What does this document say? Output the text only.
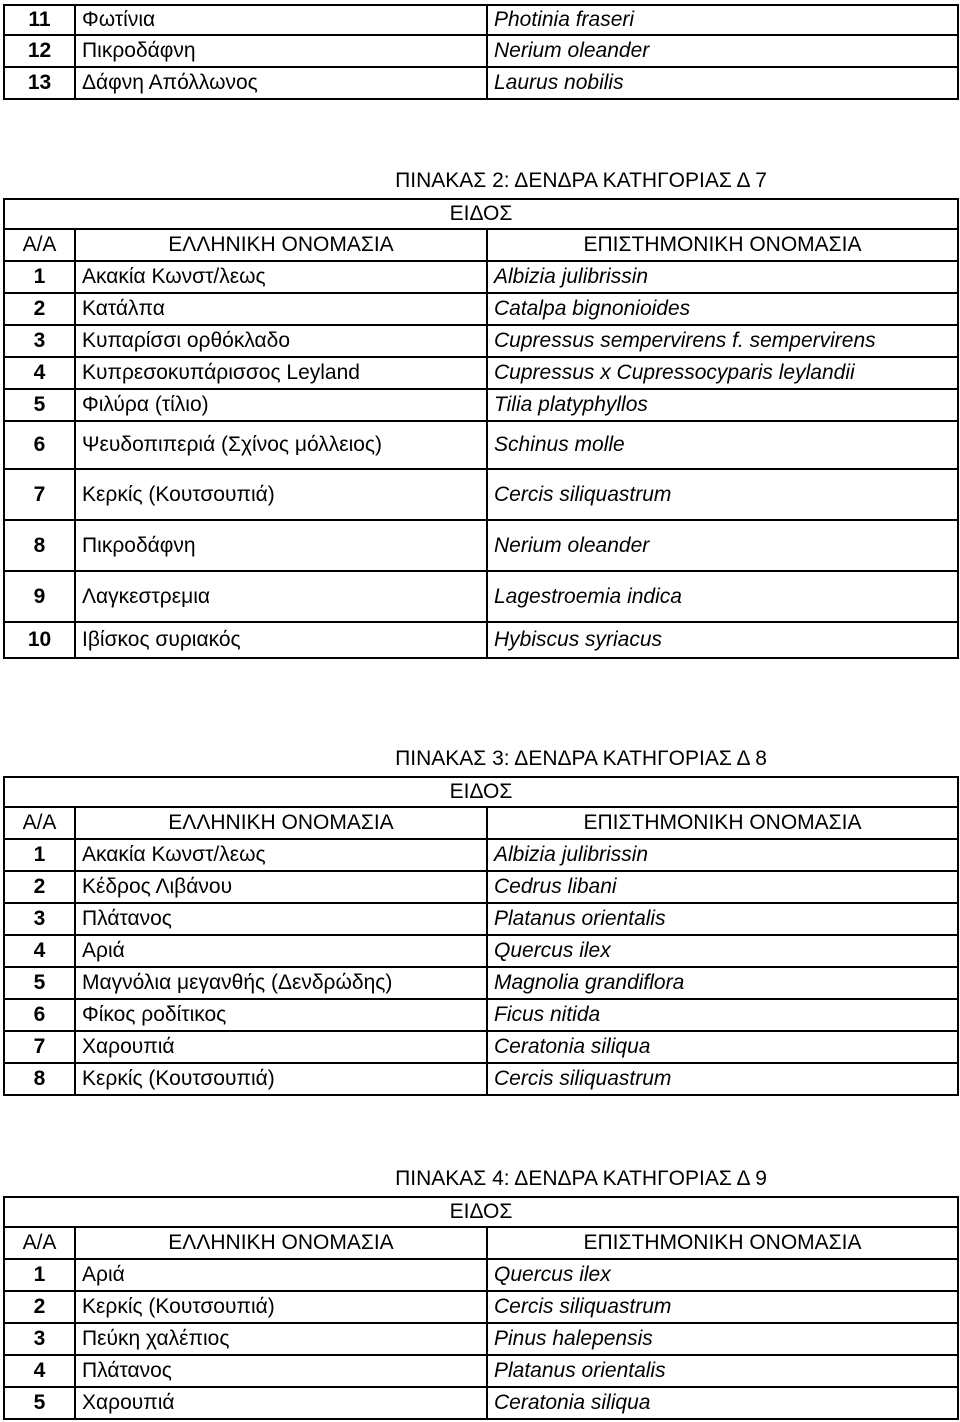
11	Φωτίνια	Photinia fraseri
12	Πικροδάφνη	Nerium oleander
13	Δάφνη Απόλλωνος	Laurus nobilis
ΠΙΝΑΚΑΣ 2: ΔΕΝΔΡΑ ΚΑΤΗΓΟΡΙΑΣ Δ 7
ΕΙΔΟΣ
Α/Α	ΕΛΛΗΝΙΚΗ ΟΝΟΜΑΣΙΑ	ΕΠΙΣΤΗΜΟΝΙΚΗ ΟΝΟΜΑΣΙΑ
1	Ακακία Κωνστ/λεως	Albizia julibrissin
2	Κατάλπα	Catalpa bignonioides
3	Κυπαρίσσι ορθόκλαδο	Cupressus sempervirens f. sempervirens
4	Κυπρεσοκυπάρισσος Leyland	Cupressus x Cupressocyparis leylandii
5	Φιλύρα (τίλιο)	Tilia platyphyllos
6	Ψευδοπιπεριά (Σχίνος μόλλειος)	Schinus molle
7	Κερκίς (Κουτσουπιά)	Cercis siliquastrum
8	Πικροδάφνη	Nerium oleander
9	Λαγκεστρεμια	Lagestroemia indica
10	Ιβίσκος συριακός	Hybiscus syriacus
ΠΙΝΑΚΑΣ 3: ΔΕΝΔΡΑ ΚΑΤΗΓΟΡΙΑΣ Δ 8
ΕΙΔΟΣ
Α/Α	ΕΛΛΗΝΙΚΗ ΟΝΟΜΑΣΙΑ	ΕΠΙΣΤΗΜΟΝΙΚΗ ΟΝΟΜΑΣΙΑ
1	Ακακία Κωνστ/λεως	Albizia julibrissin
2	Κέδρος Λιβάνου	Cedrus libani
3	Πλάτανος	Platanus orientalis
4	Αριά	Quercus ilex
5	Μαγνόλια μεγανθής (Δενδρώδης)	Magnolia grandiflora
6	Φίκος ροδίτικος	Ficus nitida
7	Χαρουπιά	Ceratonia siliqua
8	Κερκίς (Κουτσουπιά)	Cercis siliquastrum
ΠΙΝΑΚΑΣ 4: ΔΕΝΔΡΑ ΚΑΤΗΓΟΡΙΑΣ Δ 9
ΕΙΔΟΣ
Α/Α	ΕΛΛΗΝΙΚΗ ΟΝΟΜΑΣΙΑ	ΕΠΙΣΤΗΜΟΝΙΚΗ ΟΝΟΜΑΣΙΑ
1	Αριά	Quercus ilex
2	Κερκίς (Κουτσουπιά)	Cercis siliquastrum
3	Πεύκη χαλέπιος	Pinus halepensis
4	Πλάτανος	Platanus orientalis
5	Χαρουπιά	Ceratonia siliqua
